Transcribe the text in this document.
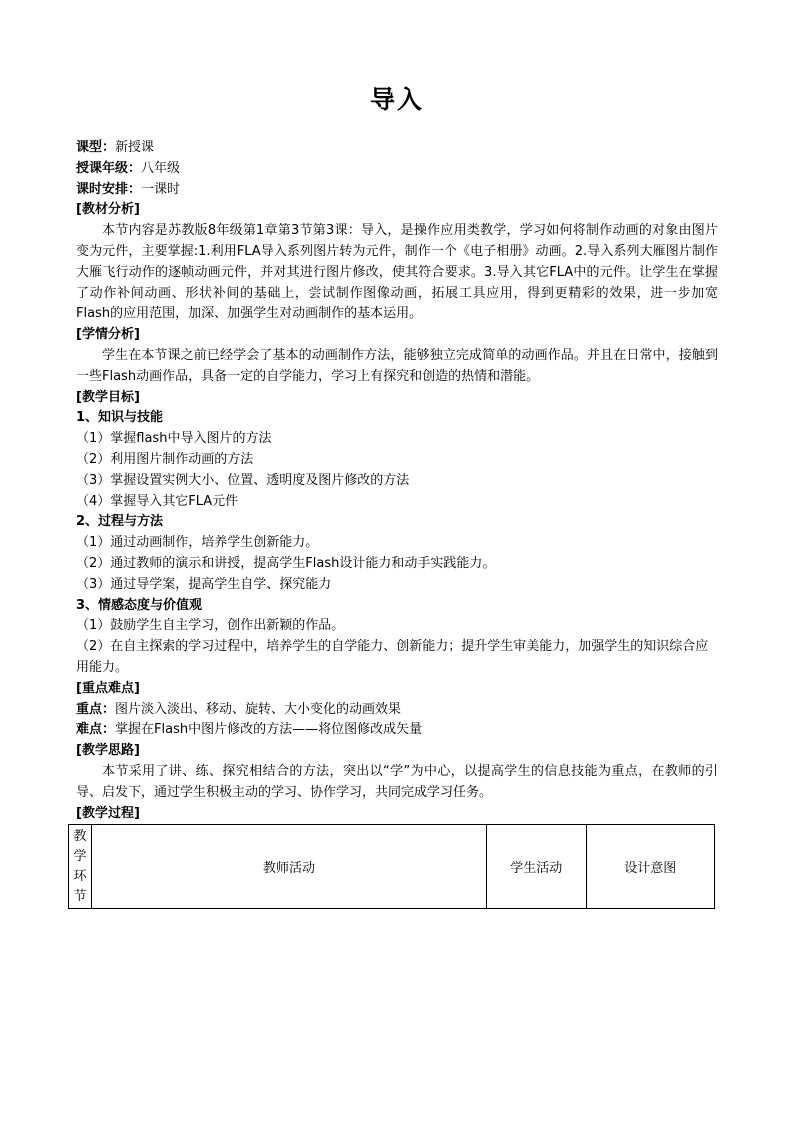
导入
课型：新授课
授课年级：八年级
课时安排：一课时
[教材分析]
本节内容是苏教版8年级第1章第3节第3课：导入，是操作应用类教学，学习如何将制作动画的对象由图片变为元件，主要掌握:1.利用FLA导入系列图片转为元件，制作一个《电子相册》动画。2.导入系列大雁图片制作大雁飞行动作的逐帧动画元件，并对其进行图片修改，使其符合要求。3.导入其它FLA中的元件。让学生在掌握了动作补间动画、形状补间的基础上，尝试制作图像动画，拓展工具应用，得到更精彩的效果，进一步加宽Flash的应用范围，加深、加强学生对动画制作的基本运用。
[学情分析]
学生在本节课之前已经学会了基本的动画制作方法，能够独立完成简单的动画作品。并且在日常中，接触到一些Flash动画作品，具备一定的自学能力，学习上有探究和创造的热情和潜能。
[教学目标]
1、知识与技能
（1）掌握flash中导入图片的方法
（2）利用图片制作动画的方法
（3）掌握设置实例大小、位置、透明度及图片修改的方法
（4）掌握导入其它FLA元件
2、过程与方法
（1）通过动画制作，培养学生创新能力。
（2）通过教师的演示和讲授，提高学生Flash设计能力和动手实践能力。
（3）通过导学案，提高学生自学、探究能力
3、情感态度与价值观
（1）鼓励学生自主学习，创作出新颖的作品。
（2）在自主探索的学习过程中，培养学生的自学能力、创新能力；提升学生审美能力，加强学生的知识综合应用能力。
[重点难点]
重点：图片淡入淡出、移动、旋转、大小变化的动画效果
难点：掌握在Flash中图片修改的方法——将位图修改成矢量
[教学思路]
本节采用了讲、练、探究相结合的方法，突出以“学”为中心，以提高学生的信息技能为重点，在教师的引导、启发下，通过学生积极主动的学习、协作学习，共同完成学习任务。
[教学过程]
教学环节	教师活动	学生活动	设计意图
